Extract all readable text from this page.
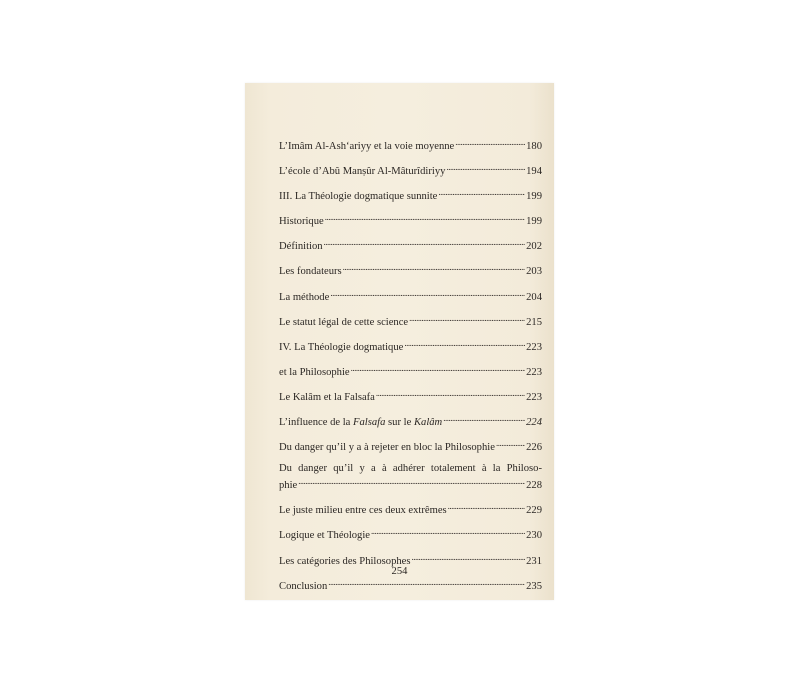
L’Imâm Al-Ash‘ariyy et la voie moyenne .....	180
L’école d’Abû Manṣûr Al-Mâturîdiriyy .....	194
III. La Théologie dogmatique sunnite .....	199
Historique .....	199
Définition .....	202
Les fondateurs .....	203
La méthode .....	204
Le statut légal de cette science .....	215
IV. La Théologie dogmatique .....	223
et la Philosophie .....	223
Le Kalâm et la Falsafa .....	223
L’influence de la Falsafa sur le Kalâm .....	224
Du danger qu’il y a à rejeter en bloc la Philosophie .....	226
Du danger qu’il y a à adhérer totalement à la Philoso-
phie .....	228
Le juste milieu entre ces deux extrêmes .....	229
Logique et Théologie .....	230
Les catégories des Philosophes .....	231
Conclusion .....	235
254
